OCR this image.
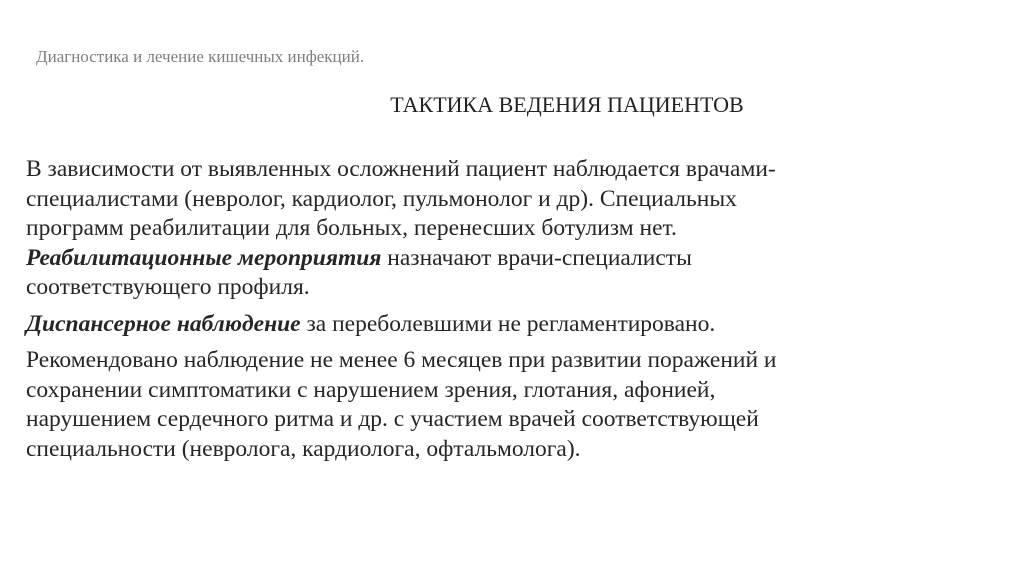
Диагностика и лечение кишечных инфекций.
ТАКТИКА ВЕДЕНИЯ ПАЦИЕНТОВ
В зависимости от выявленных осложнений пациент наблюдается врачами-
специалистами (невролог, кардиолог, пульмонолог и др). Специальных
программ реабилитации для больных, перенесших ботулизм нет.
Реабилитационные мероприятия назначают врачи-специалисты
соответствующего профиля.
Диспансерное наблюдение за переболевшими не регламентировано.
Рекомендовано наблюдение не менее 6 месяцев при развитии поражений и
сохранении симптоматики с нарушением зрения, глотания, афонией,
нарушением сердечного ритма и др. с участием врачей соответствующей
специальности (невролога, кардиолога, офтальмолога).
